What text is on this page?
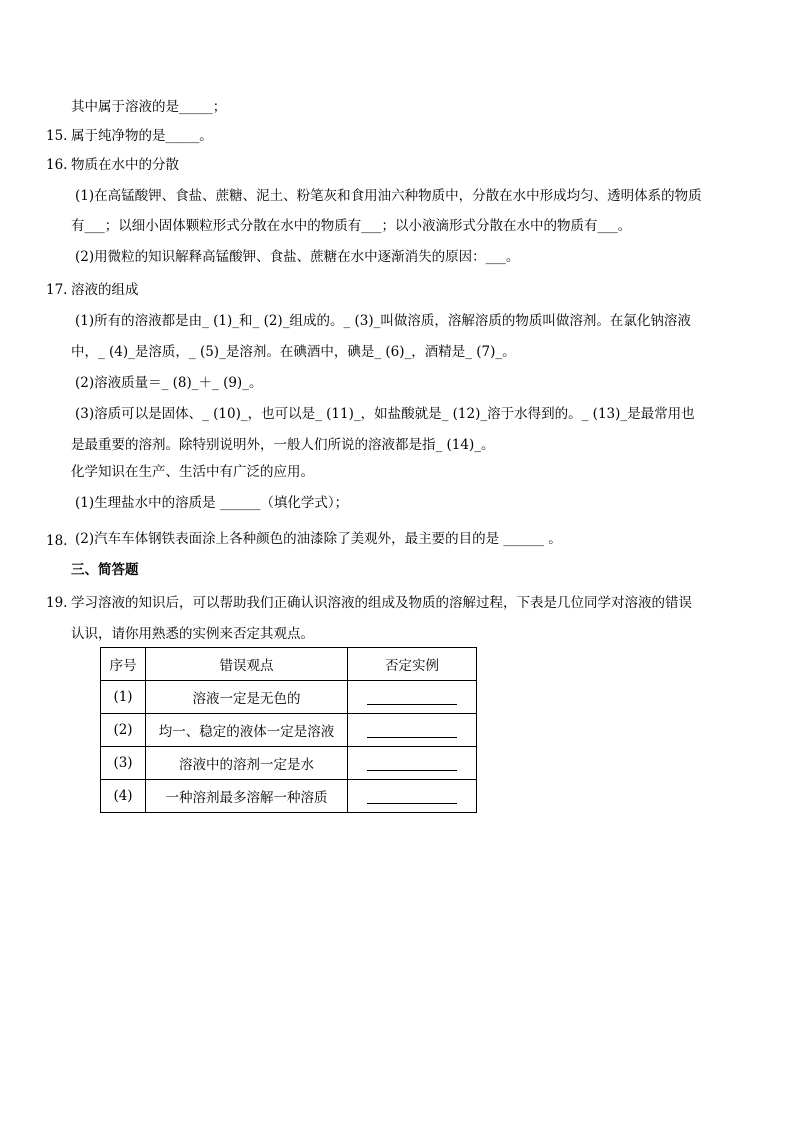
其中属于溶液的是_____；
15. 属于纯净物的是_____。
16. 物质在水中的分散
(1)在高锰酸钾、食盐、蔗糖、泥土、粉笔灰和食用油六种物质中，分散在水中形成均匀、透明体系的物质
有___；以细小固体颗粒形式分散在水中的物质有___；以小液滴形式分散在水中的物质有___。
(2)用微粒的知识解释高锰酸钾、食盐、蔗糖在水中逐渐消失的原因：___。
17. 溶液的组成
(1)所有的溶液都是由_ (1)_和_ (2)_组成的。_ (3)_叫做溶质，溶解溶质的物质叫做溶剂。在氯化钠溶液
中，_ (4)_是溶质，_ (5)_是溶剂。在碘酒中，碘是_ (6)_，酒精是_ (7)_。
(2)溶液质量＝_ (8)_＋_ (9)_。
(3)溶质可以是固体、_ (10)_，也可以是_ (11)_，如盐酸就是_ (12)_溶于水得到的。_ (13)_是最常用也
是最重要的溶剂。除特别说明外，一般人们所说的溶液都是指_ (14)_。
化学知识在生产、生活中有广泛的应用。
(1)生理盐水中的溶质是 ______（填化学式）；
18. (2)汽车车体钢铁表面涂上各种颜色的油漆除了美观外，最主要的目的是 ______ 。
三、简答题
19. 学习溶液的知识后，可以帮助我们正确认识溶液的组成及物质的溶解过程，下表是几位同学对溶液的错误
认识，请你用熟悉的实例来否定其观点。
序号	错误观点	否定实例
(1)	溶液一定是无色的	
(2)	均一、稳定的液体一定是溶液	
(3)	溶液中的溶剂一定是水	
(4)	一种溶剂最多溶解一种溶质	
